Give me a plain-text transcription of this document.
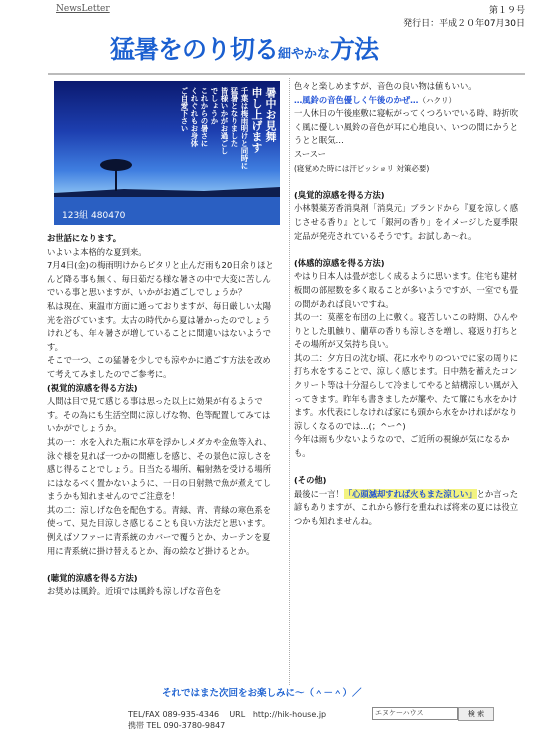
NewsLetter	第１９号
発行日：平成２０年07月30日
猛暑をのり切る細やかな方法
暑中お見舞
申し上げます
千葉は梅雨明けと同時に
猛暑となりました
皆様いかがお過ごし
でしょうか
これからの暑さに
くれぐれもお身体
ご自愛下さい
123組 480470

お世話になります。

いよいよ本格的な夏到来。

7月4日(金)の梅雨明けからピタリと止んだ雨も20日余りほとんど降る事も無く、毎日茹だる様な暑さの中で大変に苦しんでいる事と思いますが、いかがお過ごしでしょうか？

私は現在、東温市方面に通っておりますが、毎日厳しい太陽光を浴びています。太古の時代から夏は暑かったのでしょうけれども、年々暑さが増していることに間違いはないようです。

そこで一つ、この猛暑を少しでも涼やかに過ごす方法を改めて考えてみましたのでご参考に。

(視覚的涼感を得る方法)

人間は目で見て感じる事は思った以上に効果が有るようです。その為にも生活空間に涼しげな物、色等配置してみてはいかがでしょうか。

其の一：水を入れた瓶に水草を浮かしメダカや金魚等入れ、泳ぐ様を見れば一つかの間癒しを感じ、その景色に涼しさを感じ得ることでしょう。日当たる場所、輻射熱を受ける場所にはなるべく置かないように、一日の日射熱で魚が煮えてしまうかも知れませんのでご注意を！

其の二：涼しげな色を配色する。青緑、青、青緑の寒色系を使って、見た目涼しさ感じることも良い方法だと思います。例えばソファーに青系統のカバーで覆うとか、カーテンを夏用に青系統に掛け替えるとか、海の絵など掛けるとか。

(聴覚的涼感を得る方法)

お奨めは風鈴。近頃では風鈴も涼しげな音色を

色々と楽しめますが、音色の良い物は値もいい。

…風鈴の音色優しく午後のかぜ…（ハクリ）

一人休日の午後座敷に寝転がってくつろいでいる時、時折吹く風に優しい風鈴の音色が耳に心地良い、いつの間にかうとうとと眠気…

スースー

(寝覚めた時には汗ビッショリ 対策必要)

(臭覚的涼感を得る方法)

小林製薬芳香消臭剤「消臭元」ブランドから『夏を涼しく感じさせる香り』として「銀河の香り」をイメージした夏季限定品が発売されているそうです。お試しあ～れ。

(体感的涼感を得る方法)

やはり日本人は畳が恋しく成るように思います。住宅も建材板間の部屋数を多く取ることが多いようですが、一室でも畳の間があれば良いですね。

其の一：茣蓙を布団の上に敷く。寝苦しいこの時期、ひんやりとした肌触り、藺草の香りも涼しさを増し、寝返り打ちとその場所が又気持ち良い。

其の二：夕方日の沈む頃、花に水やりのついでに家の周りに打ち水をすることで、涼しく感じます。日中熱を蓄えたコンクリート等は十分湿らして冷ましてやると結構涼しい風が入ってきます。昨年も書きましたが簾や、たて簾にも水をかけます。水代表にしなければ家にも頭から水をかければがなり涼しくなるのでは…(；^ー^)

今年は雨も少ないようなので、ご近所の視線が気になるかも。

(その他)

最後に一言！「心頭滅却すれば火もまた涼しい」とか言った諺もありますが、これから修行を重ねれば将来の夏には役立つかも知れませんね。

それではまた次回をお楽しみに～（＾－＾）／
TEL/FAX 089-935-4346 URL http://hik-house.jp
携帯 TEL 090-3780-9847
エヌケーハウス	検 索
